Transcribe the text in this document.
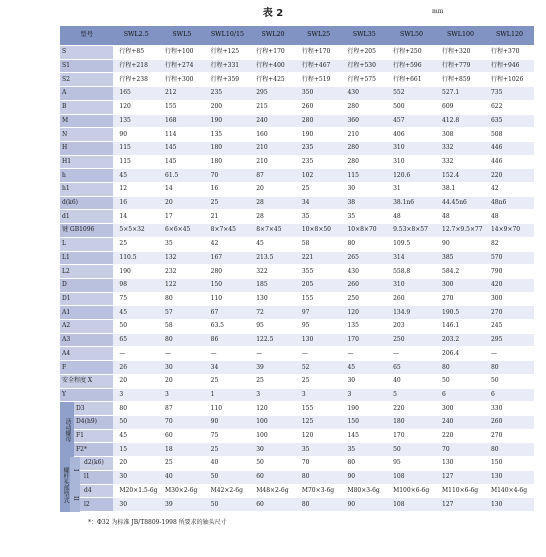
表 2	mm
型号	SWL2.5	SWL5	SWL10/15	SWL20	SWL25	SWL35	SWL50	SWL100	SWL120
S	行程+85	行程+100	行程+125	行程+170	行程+170	行程+205	行程+250	行程+320	行程+370
S1	行程+218	行程+274	行程+331	行程+400	行程+467	行程+530	行程+596	行程+779	行程+946
S2	行程+238	行程+300	行程+359	行程+425	行程+519	行程+575	行程+661	行程+859	行程+1026
A	165	212	235	295	350	430	552	527.1	735
B	120	155	200	215	260	280	500	609	622
M	135	168	190	240	280	360	457	412.8	635
N	90	114	135	160	190	210	406	308	508
H	115	145	180	210	235	280	310	332	446
H1	115	145	180	210	235	280	310	332	446
h	45	61.5	70	87	102	115	120.6	152.4	220
h1	12	14	16	20	25	30	31	38.1	42
d(k6)	16	20	25	28	34	38	38.1n6	44.45n6	48n6
d1	14	17	21	28	35	35	48	48	48
键 GB1096	5×5×32	6×6×45	8×7×45	8×7×45	10×8×50	10×8×70	9.53×8×57	12.7×9.5×77	14×9×70
L	25	35	42	45	58	80	109.5	90	82
L1	110.5	132	167	213.5	221	265	314	385	570
L2	190	232	280	322	355	430	558.8	584.2	790
D	98	122	150	185	205	260	310	300	420
D1	75	80	110	130	155	250	260	270	300
A1	45	57	67	72	97	120	134.9	190.5	270
A2	50	58	63.5	95	95	135	203	146.1	245
A3	65	80	86	122.5	130	170	250	203.2	295
A4	—	—	—	—	—	—	—	206.4	—
F	26	30	34	39	52	45	65	80	80
安全程度 X	20	20	25	25	25	30	40	50	50
Y	3	3	1	3	3	3	5	6	6
D3	80	87	110	120	155	190	220	300	330
D4(h9)	50	70	90	100	125	150	180	240	260
F1	45	60	75	100	120	145	170	220	270
F2*	15	18	25	30	35	35	50	70	80
d2(k6)	20	25	40	50	70	80	95	130	150
l1	30	40	50	60	80	90	108	127	130
d4	M20×1.5-6g	M30×2-6g	M42×2-6g	M48×2-6g	M70×3-6g	M80×3-6g	M100×6-6g	M110×6-6g	M140×4-6g
l2	30	39	50	60	80	90	108	127	130
*：Φ32 为标准 JB/T8809-1998 所要求的轴头尺寸
活动螺母
螺杆头部型式 I
II
